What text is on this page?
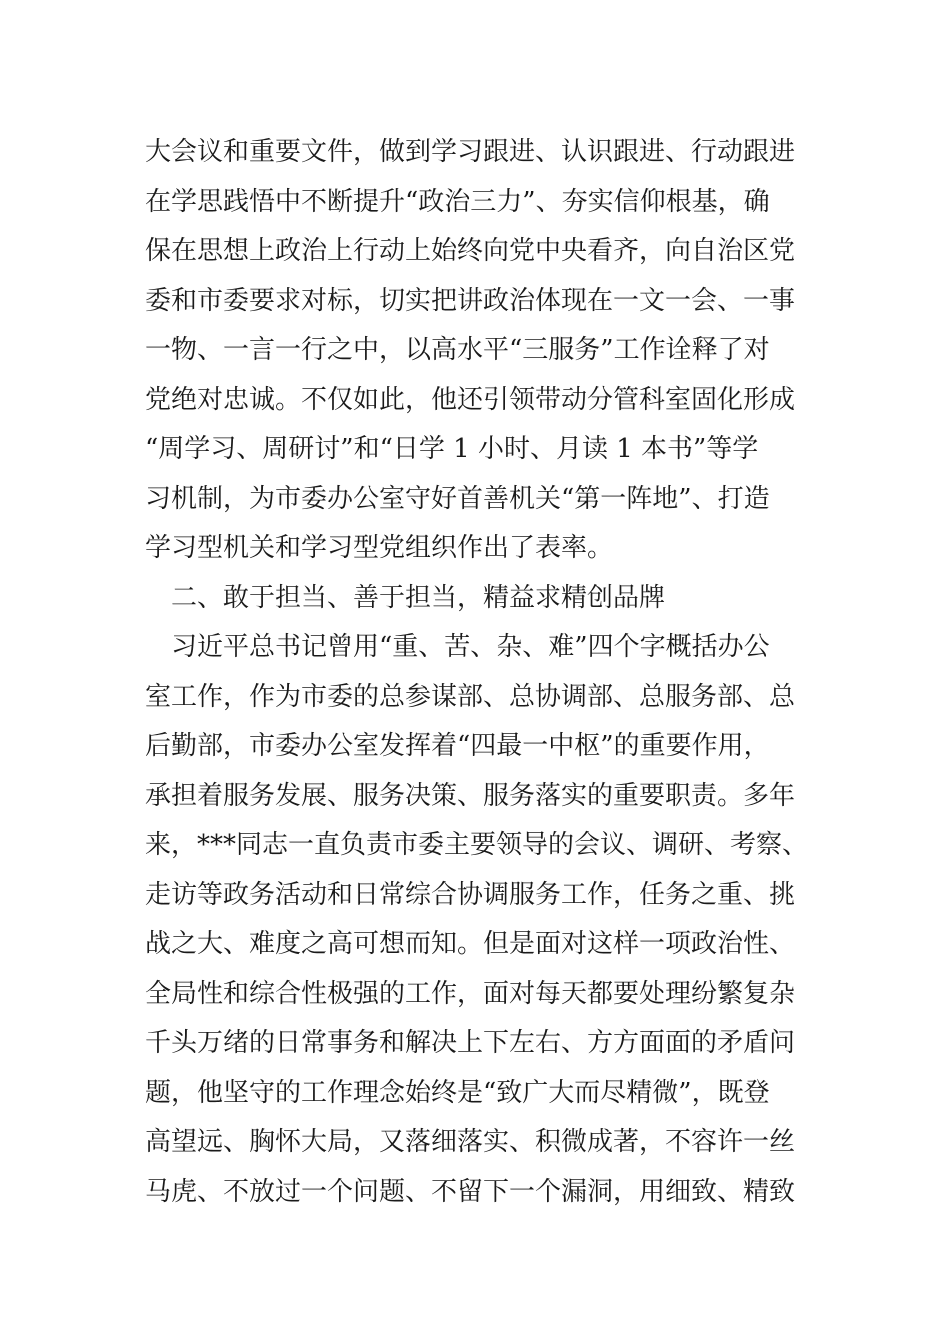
大会议和重要文件，做到学习跟进、认识跟进、行动跟进
在学思践悟中不断提升“政治三力”、夯实信仰根基，确
保在思想上政治上行动上始终向党中央看齐，向自治区党
委和市委要求对标，切实把讲政治体现在一文一会、一事
一物、一言一行之中，以高水平“三服务”工作诠释了对
党绝对忠诚。不仅如此，他还引领带动分管科室固化形成
“周学习、周研讨”和“日学 1 小时、月读 1 本书”等学
习机制，为市委办公室守好首善机关“第一阵地”、打造
学习型机关和学习型党组织作出了表率。
　二、敢于担当、善于担当，精益求精创品牌
　习近平总书记曾用“重、苦、杂、难”四个字概括办公
室工作，作为市委的总参谋部、总协调部、总服务部、总
后勤部，市委办公室发挥着“四最一中枢”的重要作用，
承担着服务发展、服务决策、服务落实的重要职责。多年
来，***同志一直负责市委主要领导的会议、调研、考察、
走访等政务活动和日常综合协调服务工作，任务之重、挑
战之大、难度之高可想而知。但是面对这样一项政治性、
全局性和综合性极强的工作，面对每天都要处理纷繁复杂
千头万绪的日常事务和解决上下左右、方方面面的矛盾问
题，他坚守的工作理念始终是“致广大而尽精微”，既登
高望远、胸怀大局，又落细落实、积微成著，不容许一丝
马虎、不放过一个问题、不留下一个漏洞，用细致、精致
